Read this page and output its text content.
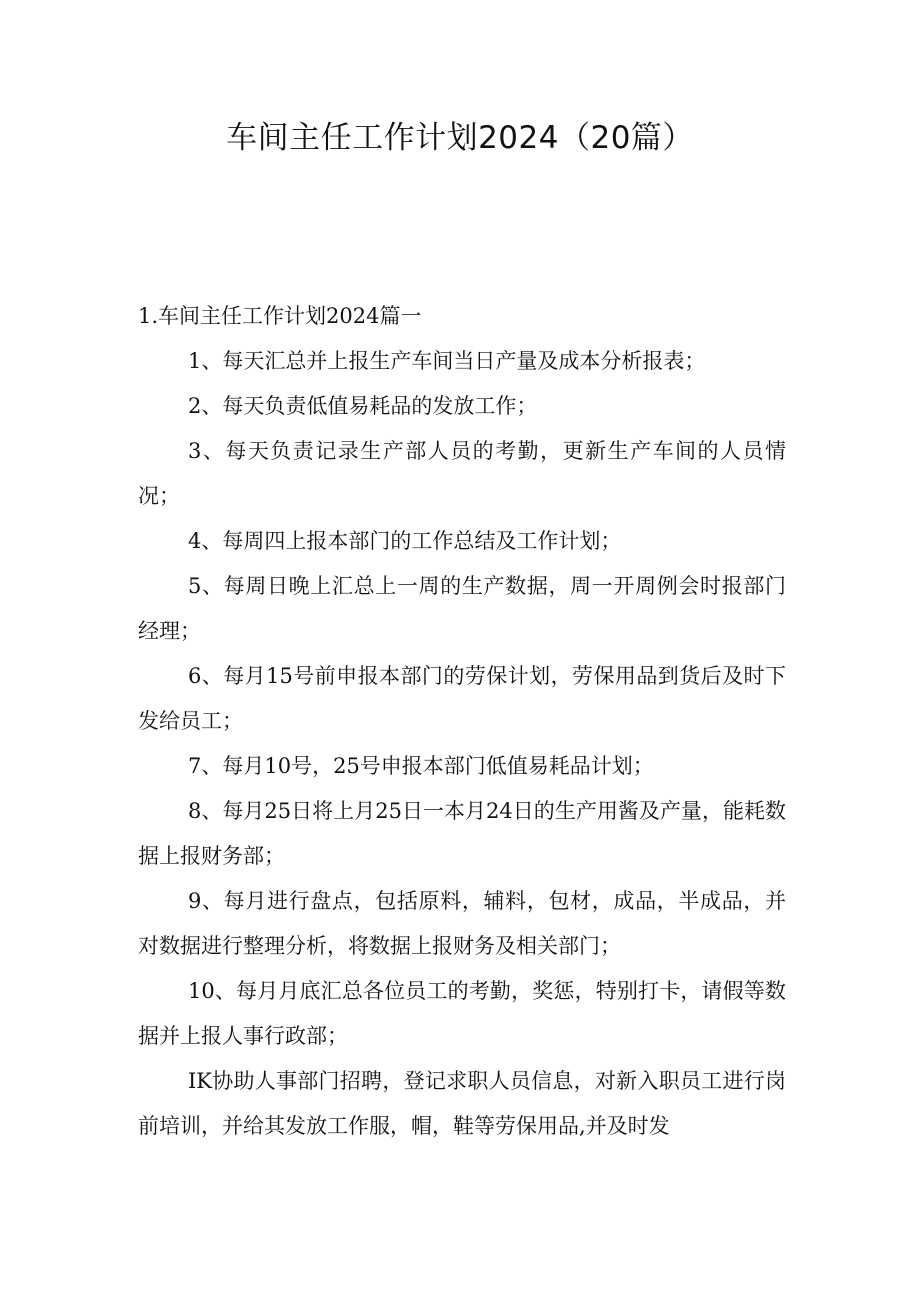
车间主任工作计划2024（20篇）

1.车间主任工作计划2024篇一

1、每天汇总并上报生产车间当日产量及成本分析报表；

2、每天负责低值易耗品的发放工作；

3、每天负责记录生产部人员的考勤，更新生产车间的人员情况；

4、每周四上报本部门的工作总结及工作计划；

5、每周日晚上汇总上一周的生产数据，周一开周例会时报部门经理；

6、每月15号前申报本部门的劳保计划，劳保用品到货后及时下发给员工；

7、每月10号，25号申报本部门低值易耗品计划；

8、每月25日将上月25日一本月24日的生产用酱及产量，能耗数据上报财务部；

9、每月进行盘点，包括原料，辅料，包材，成品，半成品，并对数据进行整理分析，将数据上报财务及相关部门；

10、每月月底汇总各位员工的考勤，奖惩，特别打卡，请假等数据并上报人事行政部；

IK协助人事部门招聘，登记求职人员信息，对新入职员工进行岗前培训，并给其发放工作服，帽，鞋等劳保用品,并及时发
